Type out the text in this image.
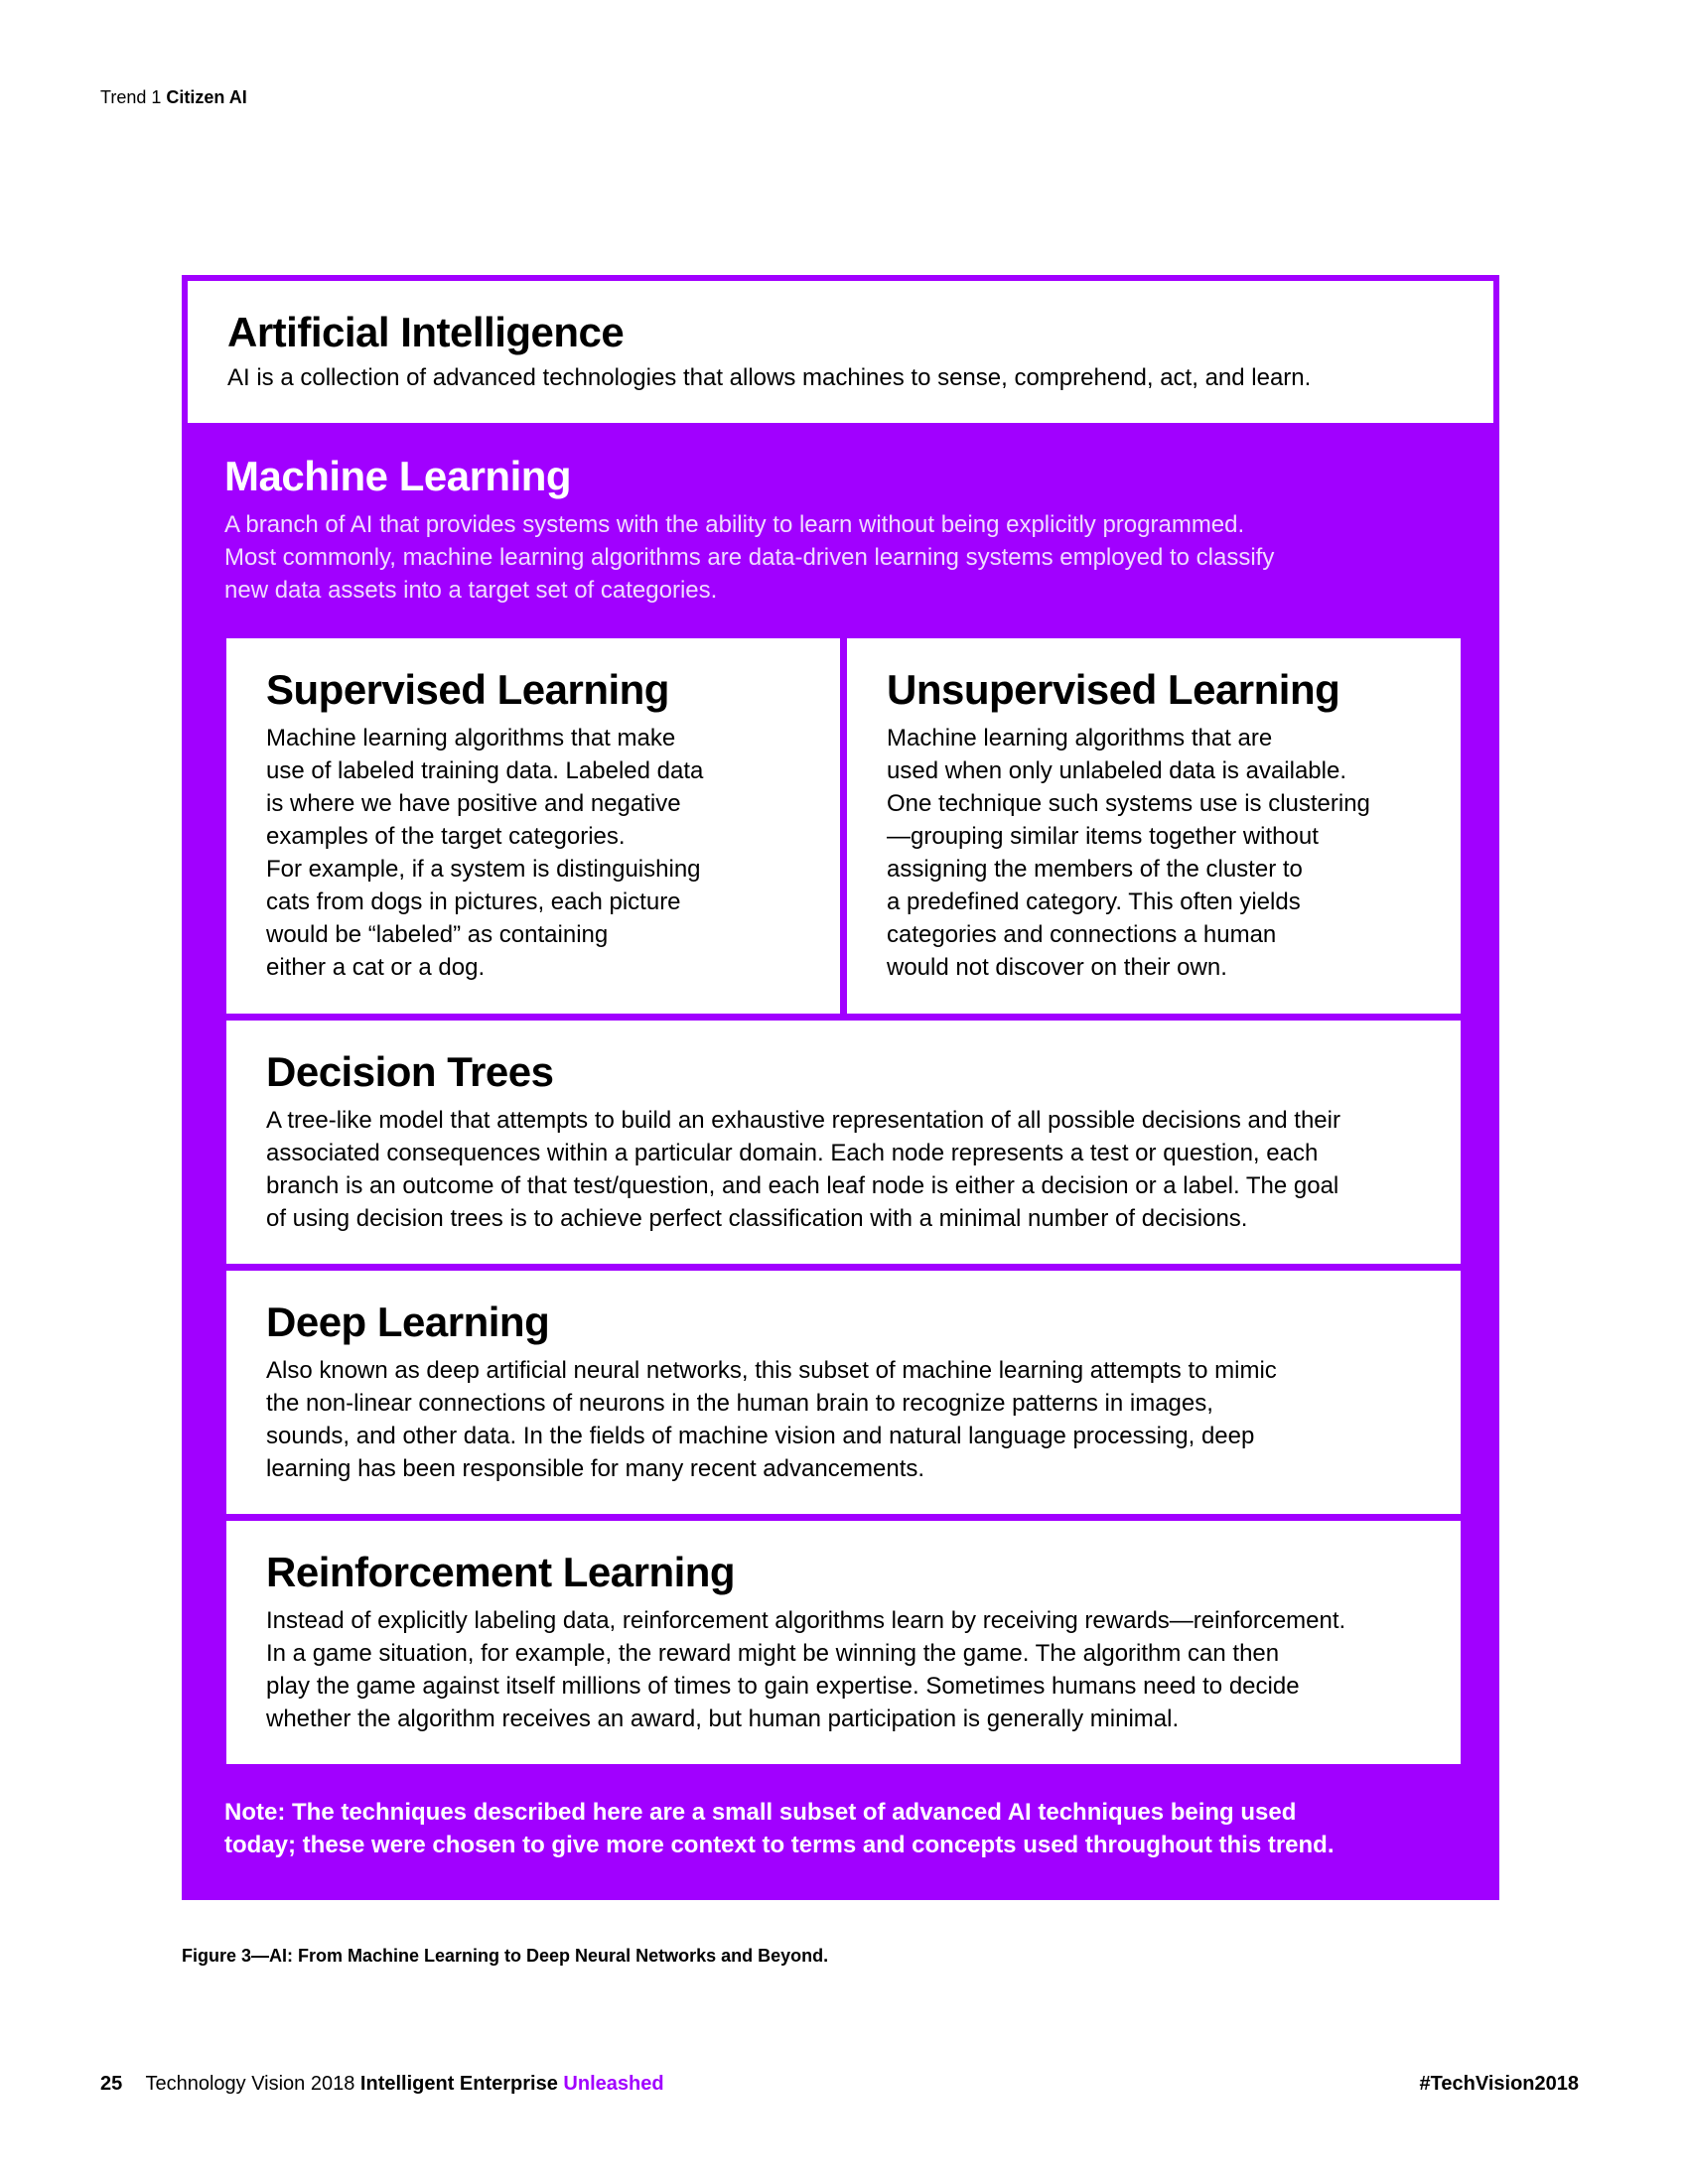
Trend 1 Citizen AI
Artificial Intelligence

AI is a collection of advanced technologies that allows machines to sense, comprehend, act, and learn.

Machine Learning

A branch of AI that provides systems with the ability to learn without being explicitly programmed.
Most commonly, machine learning algorithms are data-driven learning systems employed to classify
new data assets into a target set of categories.

Supervised Learning

Machine learning algorithms that make
use of labeled training data. Labeled data
is where we have positive and negative
examples of the target categories.
For example, if a system is distinguishing
cats from dogs in pictures, each picture
would be “labeled” as containing
either a cat or a dog.

Unsupervised Learning

Machine learning algorithms that are
used when only unlabeled data is available.
One technique such systems use is clustering
—grouping similar items together without
assigning the members of the cluster to
a predefined category. This often yields
categories and connections a human
would not discover on their own.

Decision Trees

A tree-like model that attempts to build an exhaustive representation of all possible decisions and their
associated consequences within a particular domain. Each node represents a test or question, each
branch is an outcome of that test/question, and each leaf node is either a decision or a label. The goal
of using decision trees is to achieve perfect classification with a minimal number of decisions.

Deep Learning

Also known as deep artificial neural networks, this subset of machine learning attempts to mimic
the non-linear connections of neurons in the human brain to recognize patterns in images,
sounds, and other data. In the fields of machine vision and natural language processing, deep
learning has been responsible for many recent advancements.

Reinforcement Learning

Instead of explicitly labeling data, reinforcement algorithms learn by receiving rewards—reinforcement.
In a game situation, for example, the reward might be winning the game. The algorithm can then
play the game against itself millions of times to gain expertise. Sometimes humans need to decide
whether the algorithm receives an award, but human participation is generally minimal.

Note: The techniques described here are a small subset of advanced AI techniques being used
today; these were chosen to give more context to terms and concepts used throughout this trend.

Figure 3—AI: From Machine Learning to Deep Neural Networks and Beyond.
25 Technology Vision 2018 Intelligent Enterprise Unleashed	#TechVision2018
